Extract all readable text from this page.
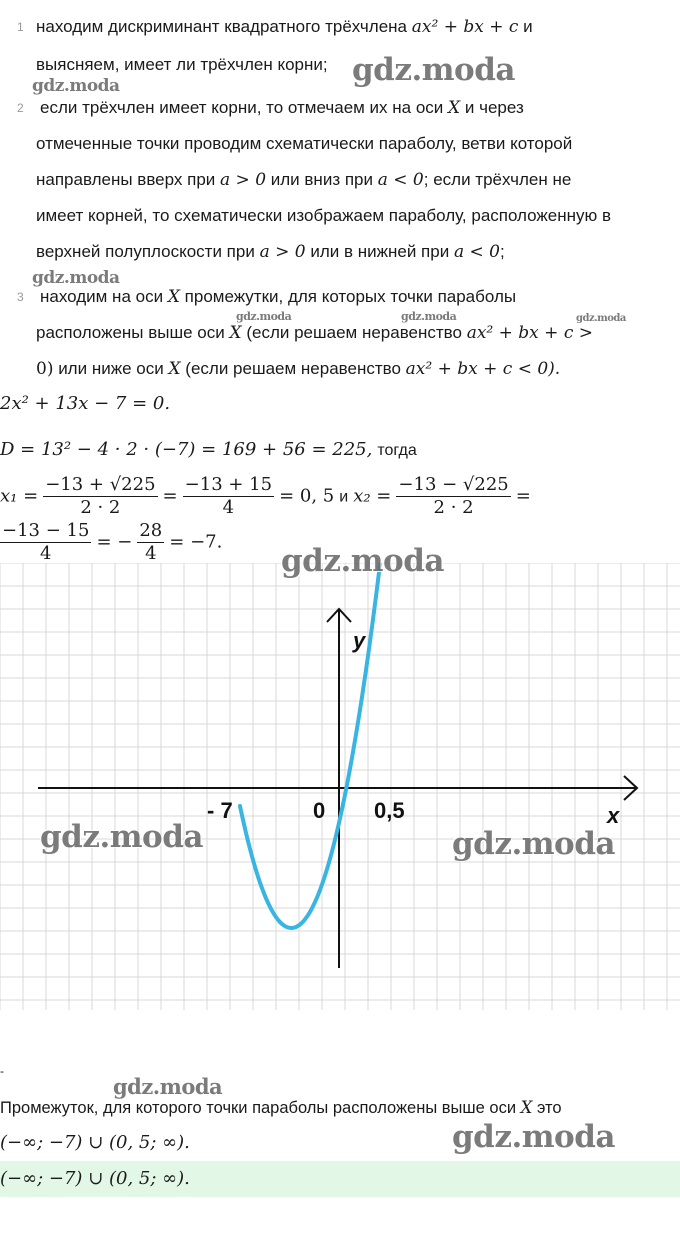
1 находим дискриминант квадратного трёхчлена ax² + bx + c и
выясняем, имеет ли трёхчлен корни;
2 если трёхчлен имеет корни, то отмечаем их на оси X и через
отмеченные точки проводим схематически параболу, ветви которой
направлены вверх при a > 0 или вниз при a < 0; если трёхчлен не
имеет корней, то схематически изображаем параболу, расположенную в
верхней полуплоскости при a > 0 или в нижней при a < 0;
3 находим на оси X промежутки, для которых точки параболы
расположены выше оси X (если решаем неравенство ax² + bx + c >
0) или ниже оси X (если решаем неравенство ax² + bx + c < 0).
2x² + 13x − 7 = 0.
D = 13² − 4 · 2 · (−7) = 169 + 56 = 225, тогда
$x_1 = \frac{-13 + √225}{2 \cdot 2} = \frac{-13 + 15}{4} = 0$, 5 и $x_2 = \frac{-13 - √225}{2 \cdot 2}$ =
$\frac{-13 - 15}{4}$ = − $\frac{28}{4} = -7$.
y
x
- 7	0 0,5
-
Промежуток, для которого точки параболы расположены выше оси X это
(−∞; −7) ∪ (0, 5; ∞).
(−∞; −7) ∪ (0, 5; ∞).
gdz.moda
gdz.moda
gdz.moda
gdz.moda	gdz.moda	gdz.moda
gdz.moda
gdz.moda	gdz.moda
gdz.moda
gdz.moda
